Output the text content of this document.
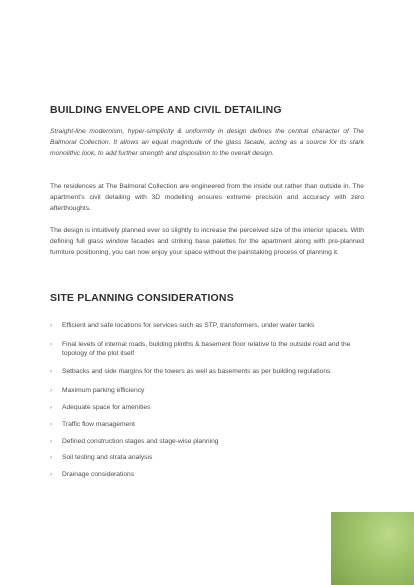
BUILDING ENVELOPE AND CIVIL DETAILING

Straight-line modernism, hyper-simplicity & uniformity in design defines the central character of The Balmoral Collection. It allows an equal magnitude of the glass facade, acting as a source for its stark monolithic look, to add further strength and disposition to the overall design.

The residences at The Balmoral Collection are engineered from the inside out rather than outside in. The apartment's civil detailing with 3D modelling ensures extreme precision and accuracy with zero afterthoughts.

The design is intuitively planned ever so slightly to increase the perceived size of the interior spaces. With defining full glass window facades and striking base palettes for the apartment along with pre-planned furniture positioning, you can now enjoy your space without the painstaking process of planning it.

SITE PLANNING CONSIDERATIONS
› Efficient and safe locations for services such as STP, transformers, under water tanks
› Final levels of internal roads, building plinths & basement floor relative to the outside road and the topology of the plot itself
› Setbacks and side margins for the towers as well as basements as per building regulations
› Maximum parking efficiency
› Adequate space for amenities
› Traffic flow management
› Defined construction stages and stage-wise planning
› Soil testing and strata analysis
› Drainage considerations
